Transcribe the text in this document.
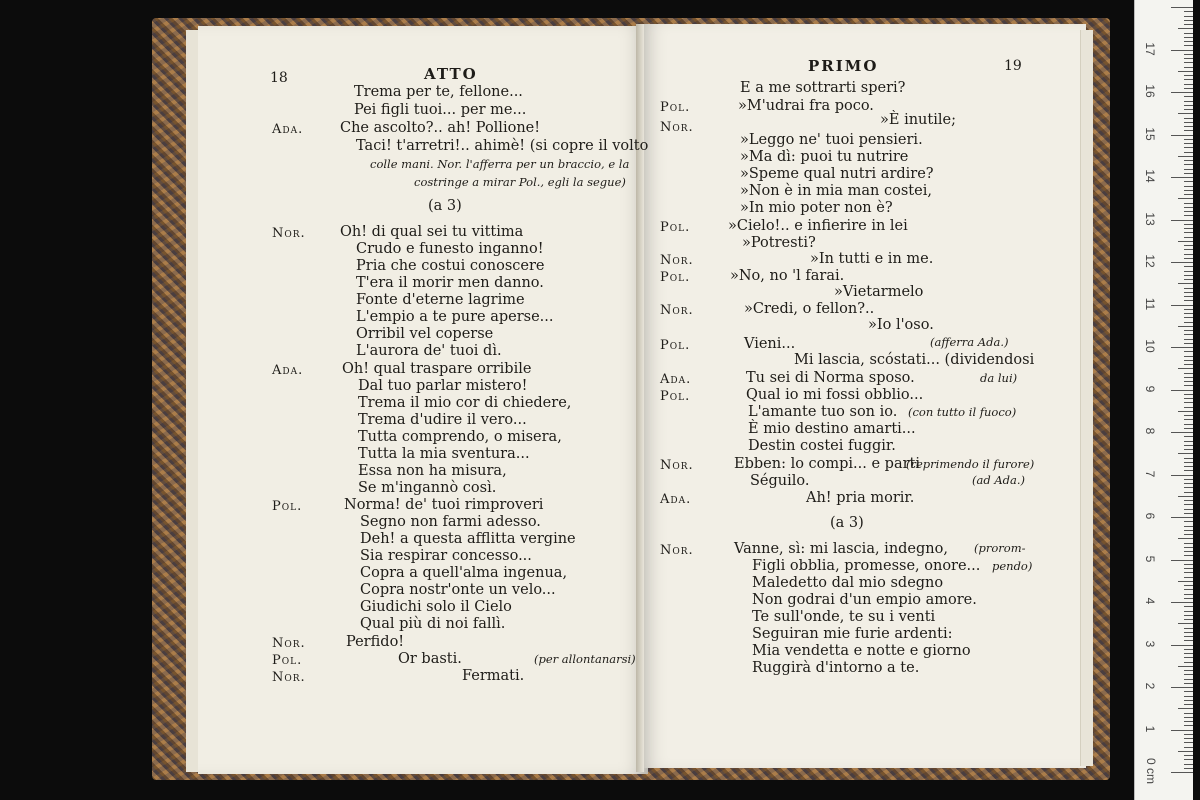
18	ATTO	19
PRIMO
Trema per te, fellone...
Pei figli tuoi... per me...
Ada.	Che ascolto?.. ah! Pollione!
Taci! t'arretri!.. ahimè! (si copre il volto
colle mani. Nor. l'afferra per un braccio, e la
costringe a mirar Pol., egli la segue)
(a 3)
Nor. Oh! di qual sei tu vittima
Crudo e funesto inganno!
Pria che costui conoscere
T'era il morir men danno.
Fonte d'eterne lagrime
L'empio a te pure aperse...
Orribil vel coperse
L'aurora de' tuoi dì.
Ada.	Oh! qual traspare orribile
Dal tuo parlar mistero!
Trema il mio cor di chiedere,
Trema d'udire il vero...
Tutta comprendo, o misera,
Tutta la mia sventura...
Essa non ha misura,
Se m'ingannò così.
Pol.	Norma! de' tuoi rimproveri
Segno non farmi adesso.
Deh! a questa afflitta vergine
Sia respirar concesso...
Copra a quell'alma ingenua,
Copra nostr'onte un velo...
Giudichi solo il Cielo
Qual più di noi fallì.
Nor.	Perfido!
Pol.	Or basti.	(per allontanarsi)
Nor.	Fermati.
E a me sottrarti speri?
Pol.	»M'udrai fra poco.
»È inutile;
Nor.
»Leggo ne' tuoi pensieri.
»Ma dì: puoi tu nutrire
»Speme qual nutri ardire?
»Non è in mia man costei,
»In mio poter non è?
Pol.	»Cielo!.. e infierire in lei
»Potresti?
Nor.	»In tutti e in me.
Pol.	»No, no 'l farai.
»Vietarmelo
Nor.	»Credi, o fellon?..
»Io l'oso.
Pol.	Vieni...	(afferra Ada.)
Mi lascia, scóstati... (dividendosi
Ada.	Tu sei di Norma sposo.	da lui)
Pol.	Qual io mi fossi obblio...
L'amante tuo son io. (con tutto il fuoco)
È mio destino amarti...
Destin costei fuggir.
Nor.	Ebben: lo compi... e parti
(reprimendo il furore)
Séguilo.	(ad Ada.)
Ada.	Ah! pria morir.
(a 3)
Nor.	Vanne, sì: mi lascia, indegno, (prorom-
Figli obblia, promesse, onore... pendo)
Maledetto dal mio sdegno
Non godrai d'un empio amore.
Te sull'onde, te su i venti
Seguiran mie furie ardenti:
Mia vendetta e notte e giorno
Ruggirà d'intorno a te.
0 cm
1
2
3
4
5
6
7
8
9
10
11
12
13
14
15
16
17
